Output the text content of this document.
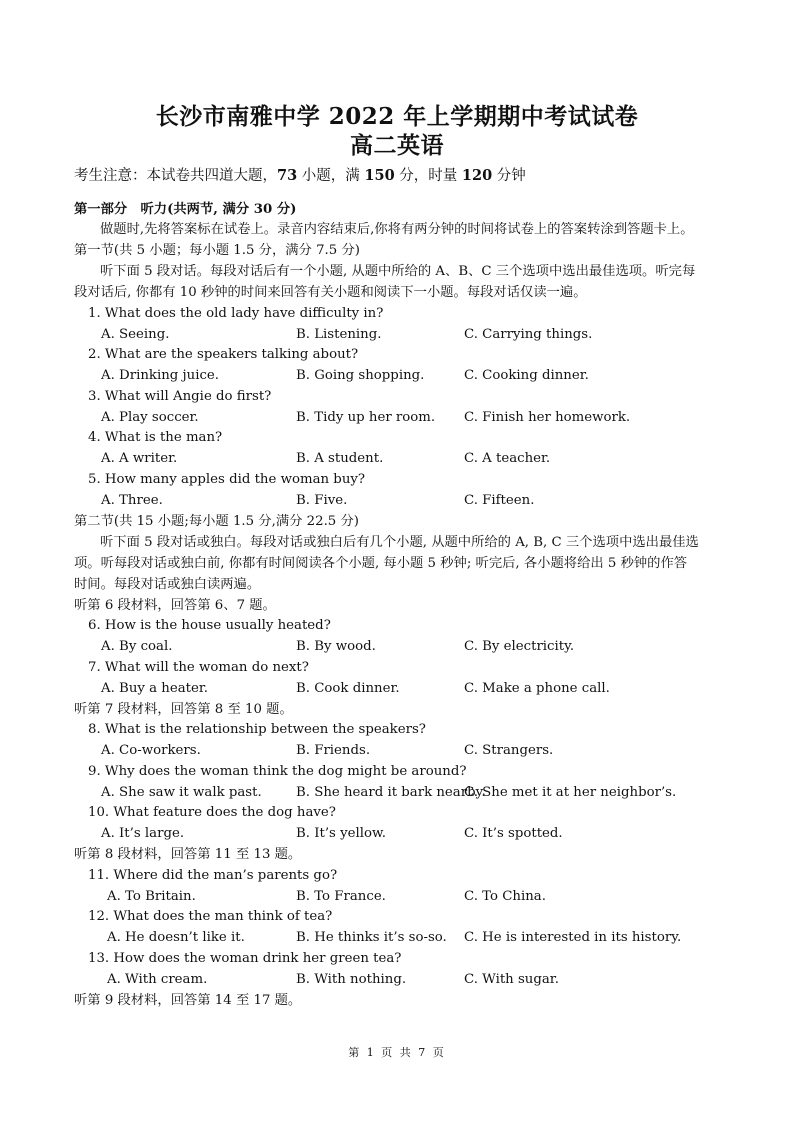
长沙市南雅中学 2022 年上学期期中考试试卷
高二英语
考生注意：本试卷共四道大题，73 小题，满 150 分，时量 120 分钟
第一部分　听力(共两节, 满分 30 分)
做题时,先将答案标在试卷上。录音内容结束后,你将有两分钟的时间将试卷上的答案转涂到答题卡上。
第一节(共 5 小题；每小题 1.5 分，满分 7.5 分)
听下面 5 段对话。每段对话后有一个小题, 从题中所给的 A、B、C 三个选项中选出最佳选项。听完每
段对话后, 你都有 10 秒钟的时间来回答有关小题和阅读下一小题。每段对话仅读一遍。
1. What does the old lady have difficulty in?
A. Seeing.	B. Listening.	C. Carrying things.
2. What are the speakers talking about?
A. Drinking juice.	B. Going shopping.	C. Cooking dinner.
3. What will Angie do first?
A. Play soccer.	B. Tidy up her room. C. Finish her homework.
4. What is the man?
A. A writer.	B. A student.	C. A teacher.
5. How many apples did the woman buy?
A. Three.	B. Five.	C. Fifteen.
第二节(共 15 小题;每小题 1.5 分,满分 22.5 分)
听下面 5 段对话或独白。每段对话或独白后有几个小题, 从题中所给的 A, B, C 三个选项中选出最佳选
项。听每段对话或独白前, 你都有时间阅读各个小题, 每小题 5 秒钟; 听完后, 各小题将给出 5 秒钟的作答
时间。每段对话或独白读两遍。
听第 6 段材料，回答第 6、7 题。
6. How is the house usually heated?
A. By coal.	B. By wood.	C. By electricity.
7. What will the woman do next?
A. Buy a heater.	B. Cook dinner.	C. Make a phone call.
听第 7 段材料，回答第 8 至 10 题。
8. What is the relationship between the speakers?
A. Co-workers.	B. Friends.	C. Strangers.
9. Why does the woman think the dog might be around?
A. She saw it walk past.	B. She heard it bark nearby.
C. She met it at her neighbor’s.
10. What feature does the dog have?
A. It’s large.	B. It’s yellow.	C. It’s spotted.
听第 8 段材料，回答第 11 至 13 题。
11. Where did the man’s parents go?
A. To Britain.	B. To France.	C. To China.
12. What does the man think of tea?
A. He doesn’t like it.	B. He thinks it’s so-so. C. He is interested in its history.
13. How does the woman drink her green tea?
A. With cream.	B. With nothing.	C. With sugar.
听第 9 段材料，回答第 14 至 17 题。
第 1 页 共 7 页
